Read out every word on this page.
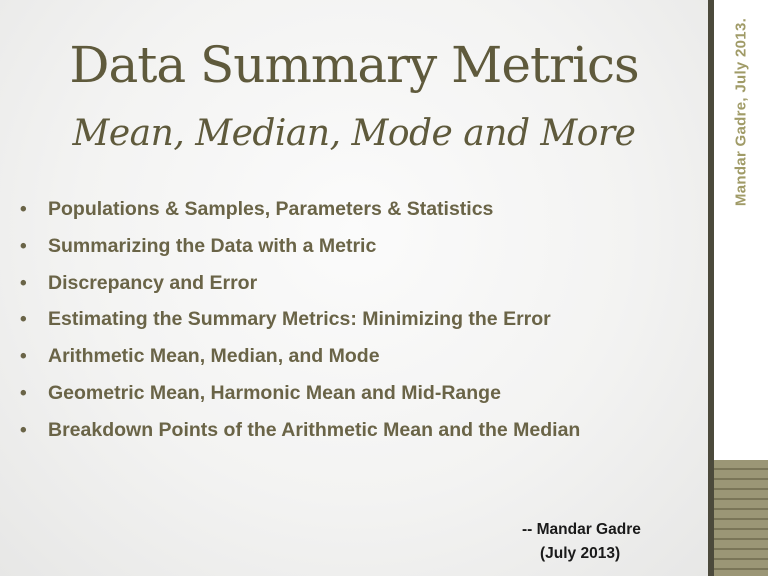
Mandar Gadre, July 2013.
Data Summary Metrics
Mean, Median, Mode and More
•	Populations & Samples, Parameters & Statistics
•	Summarizing the Data with a Metric
•	Discrepancy and Error
•	Estimating the Summary Metrics: Minimizing the Error
•	Arithmetic Mean, Median, and Mode
•	Geometric Mean, Harmonic Mean and Mid-Range
•	Breakdown Points of the Arithmetic Mean and the Median
-- Mandar Gadre
(July 2013)
